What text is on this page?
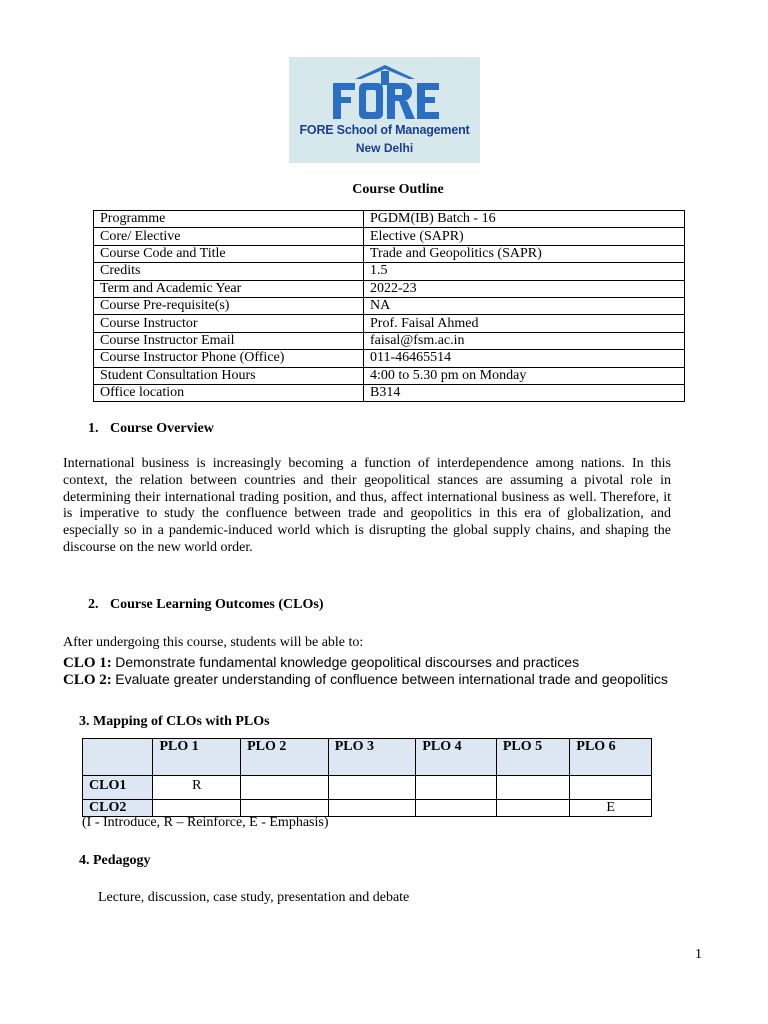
FORE School of Management
New Delhi
Course Outline
Programme	PGDM(IB) Batch - 16
Core/ Elective	Elective (SAPR)
Course Code and Title	Trade and Geopolitics (SAPR)
Credits	1.5
Term and Academic Year	2022-23
Course Pre-requisite(s)	NA
Course Instructor	Prof. Faisal Ahmed
Course Instructor Email	faisal@fsm.ac.in
Course Instructor Phone (Office)	011-46465514
Student Consultation Hours	4:00 to 5.30 pm on Monday
Office location	B314
1. Course Overview

International business is increasingly becoming a function of interdependence among nations. In this context, the relation between countries and their geopolitical stances are assuming a pivotal role in determining their international trading position, and thus, affect international business as well. Therefore, it is imperative to study the confluence between trade and geopolitics in this era of globalization, and especially so in a pandemic-induced world which is disrupting the global supply chains, and shaping the discourse on the new world order.

2. Course Learning Outcomes (CLOs)
After undergoing this course, students will be able to:
CLO 1: Demonstrate fundamental knowledge geopolitical discourses and practices
CLO 2: Evaluate greater understanding of confluence between international trade and geopolitics
3. Mapping of CLOs with PLOs
	PLO 1	PLO 2	PLO 3	PLO 4	PLO 5	PLO 6
CLO1	R					
CLO2						E
(I - Introduce, R – Reinforce, E - Emphasis)
4. Pedagogy
Lecture, discussion, case study, presentation and debate
1
